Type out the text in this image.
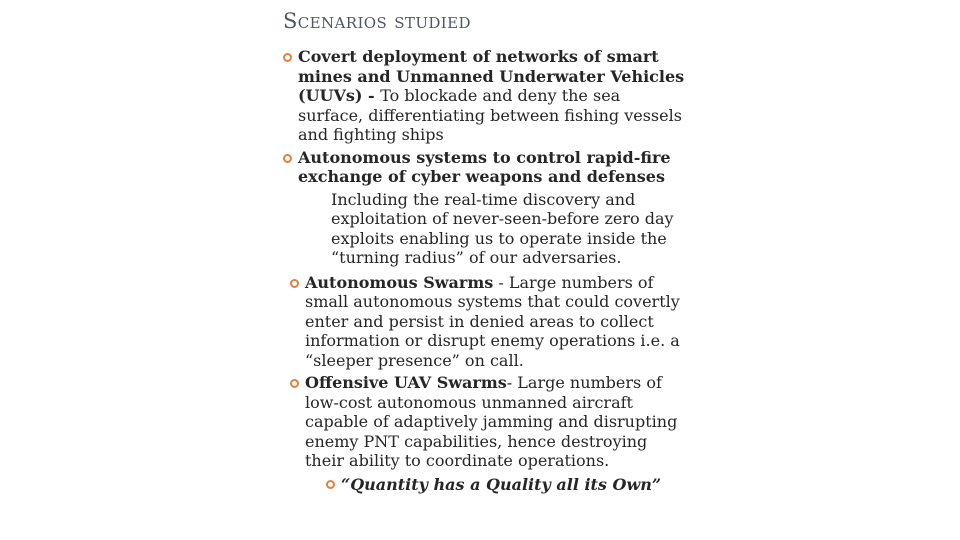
Scenarios studied

Covert deployment of networks of smart mines and Unmanned Underwater Vehicles (UUVs) - To blockade and deny the sea surface, differentiating between fishing vessels and fighting ships

Autonomous systems to control rapid-fire exchange of cyber weapons and defenses

Including the real-time discovery and exploitation of never-seen-before zero day exploits enabling us to operate inside the “turning radius” of our adversaries.

Autonomous Swarms - Large numbers of small autonomous systems that could covertly enter and persist in denied areas to collect information or disrupt enemy operations i.e. a “sleeper presence” on call.

Offensive UAV Swarms- Large numbers of low-cost autonomous unmanned aircraft capable of adaptively jamming and disrupting enemy PNT capabilities, hence destroying their ability to coordinate operations.

“Quantity has a Quality all its Own”
